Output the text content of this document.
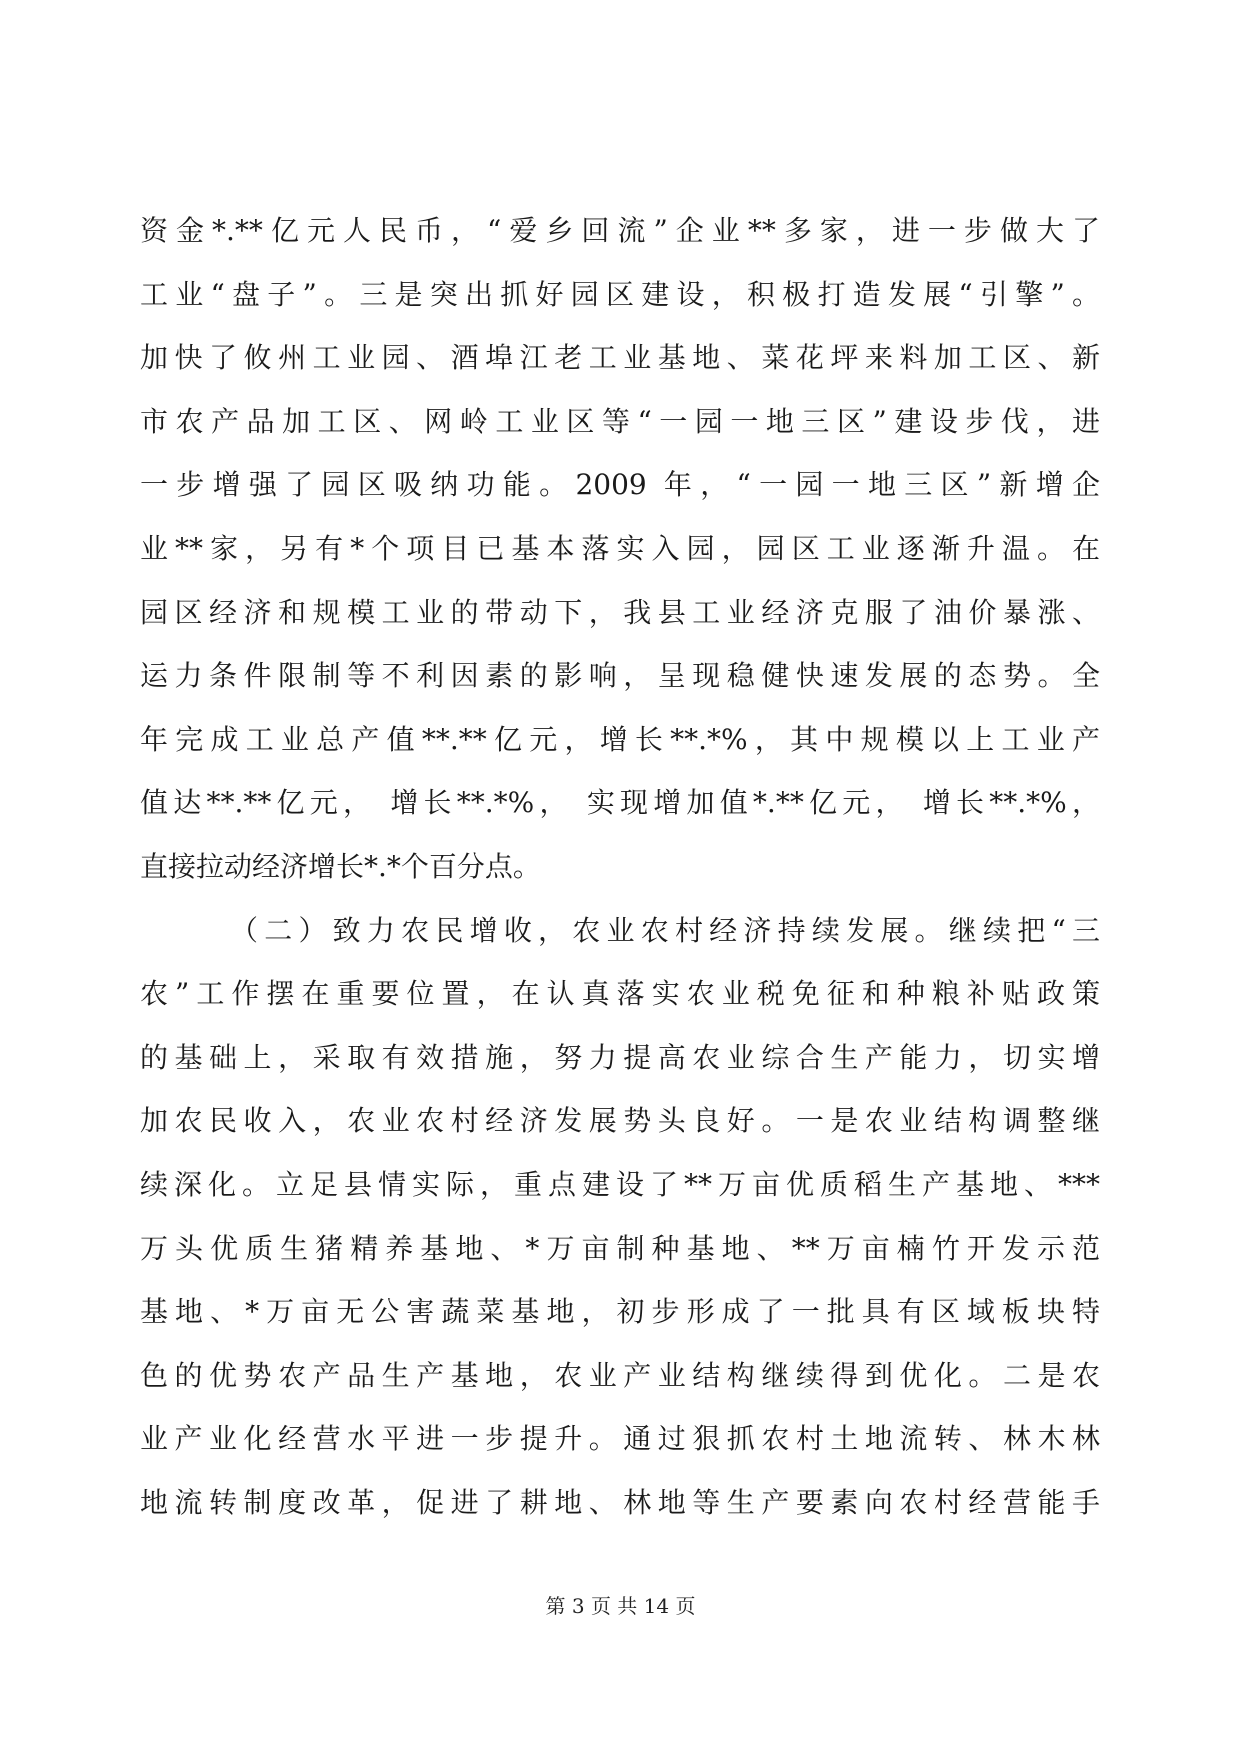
资金*.**亿元人民币，“爱乡回流”企业**多家，进一步做大了
工业“盘子”。三是突出抓好园区建设，积极打造发展“引擎”。
加快了攸州工业园、酒埠江老工业基地、菜花坪来料加工区、新
市农产品加工区、网岭工业区等“一园一地三区”建设步伐，进
一步增强了园区吸纳功能。2009 年，“一园一地三区”新增企
业**家，另有*个项目已基本落实入园，园区工业逐渐升温。在
园区经济和规模工业的带动下，我县工业经济克服了油价暴涨、
运力条件限制等不利因素的影响，呈现稳健快速发展的态势。全
年完成工业总产值**.**亿元，增长**.*%，其中规模以上工业产
值达**.**亿元， 增长**.*%， 实现增加值*.**亿元， 增长**.*%，
直接拉动经济增长*.*个百分点。
（二）致力农民增收，农业农村经济持续发展。继续把“三
农”工作摆在重要位置，在认真落实农业税免征和种粮补贴政策
的基础上，采取有效措施，努力提高农业综合生产能力，切实增
加农民收入，农业农村经济发展势头良好。一是农业结构调整继
续深化。立足县情实际，重点建设了**万亩优质稻生产基地、***
万头优质生猪精养基地、*万亩制种基地、**万亩楠竹开发示范
基地、*万亩无公害蔬菜基地，初步形成了一批具有区域板块特
色的优势农产品生产基地，农业产业结构继续得到优化。二是农
业产业化经营水平进一步提升。通过狠抓农村土地流转、林木林
地流转制度改革，促进了耕地、林地等生产要素向农村经营能手
第 3 页 共 14 页
